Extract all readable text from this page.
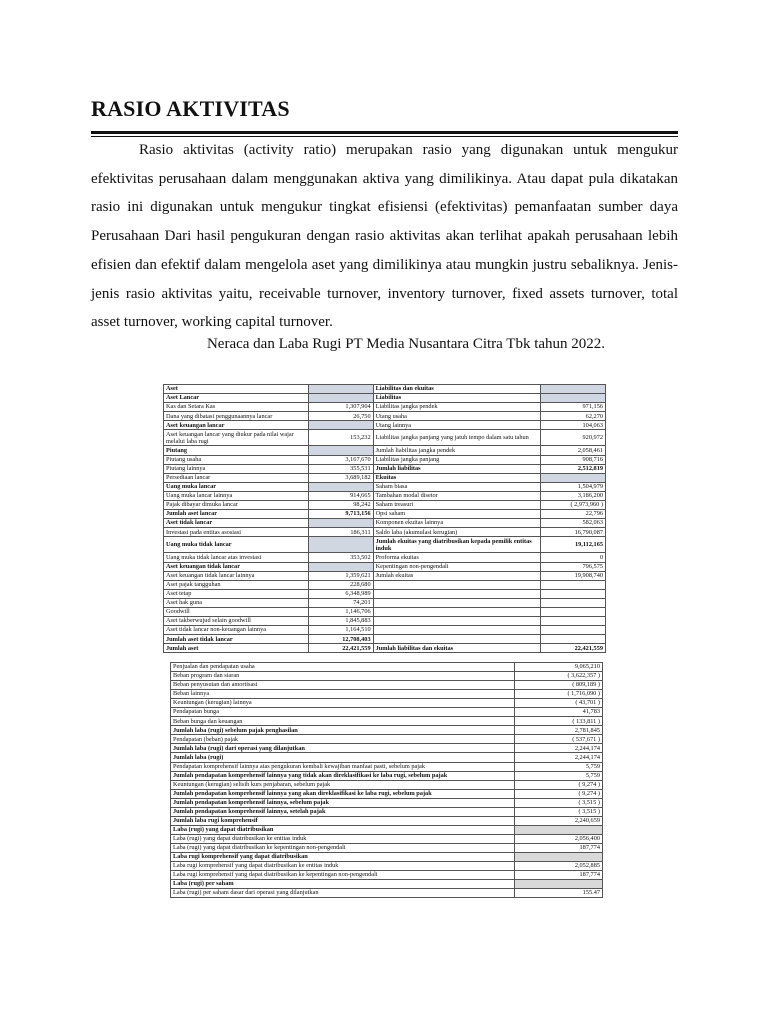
RASIO AKTIVITAS

Rasio aktivitas (activity ratio) merupakan rasio yang digunakan untuk mengukur efektivitas perusahaan dalam menggunakan aktiva yang dimilikinya. Atau dapat pula dikatakan rasio ini digunakan untuk mengukur tingkat efisiensi (efektivitas) pemanfaatan sumber daya Perusahaan Dari hasil pengukuran dengan rasio aktivitas akan terlihat apakah perusahaan lebih efisien dan efektif dalam mengelola aset yang dimilikinya atau mungkin justru sebaliknya. Jenis-jenis rasio aktivitas yaitu, receivable turnover, inventory turnover, fixed assets turnover, total asset turnover, working capital turnover.

Neraca dan Laba Rugi PT Media Nusantara Citra Tbk tahun 2022.

Aset		Liabilitas dan ekuitas	
Aset Lancar		Liabilitas	
Kas dan Setara Kas	1,307,904	Liabilitas jangka pendek	971,156
Dana yang dibatasi penggunaannya lancar	26,750	Utang usaha	62,270
Aset keuangan lancar		Utang lainnya	104,063
Aset keuangan lancar yang diukur pada nilai wajar melalui laba rugi	153,232	Liabilitas jangka panjang yang jatuh tempo dalam satu tahun	920,972
Piutang		Jumlah liabilitas jangka pendek	2,058,461
Piutang usaha	3,167,670	Liabilitas jangka panjang	908,716
Piutang lainnya	355,531	Jumlah liabilitas	2,512,819
Persediaan lancar	3,689,182	Ekuitas	
Uang muka lancar		Saham biasa	1,504,979
Uang muka lancar lainnya	914,665	Tambahan modal disetor	3,186,200
Pajak dibayar dimuka lancar	98,242	Saham treasuri	( 2,973,960 )
Jumlah aset lancar	9,713,156	Opsi saham	22,796
Aset tidak lancar		Komponen ekuitas lainnya	582,063
Investasi pada entitas asosiasi	186,311	Saldo laba (akumulasi kerugian)	16,790,087
Uang muka tidak lancar		Jumlah ekuitas yang diatribusikan kepada pemilik entitas induk	19,112,165
Uang muka tidak lancar atas investasi	353,502	Proforma ekuitas	0
Aset keuangan tidak lancar		Kepentingan non-pengendali	796,575
Aset keuangan tidak lancar lainnya	1,359,621	Jumlah ekuitas	19,908,740
Aset pajak tangguhan	228,680		
Aset tetap	6,348,989		
Aset hak guna	74,201		
Goodwill	1,146,706		
Aset takberwujud selain goodwill	1,845,883		
Aset tidak lancar non-keuangan lainnya	1,164,510		
Jumlah aset tidak lancar	12,708,403		
Jumlah aset	22,421,559	Jumlah liabilitas dan ekuitas	22,421,559
Penjualan dan pendapatan usaha	9,065,210
Beban program dan siaran	( 3,622,357 )
Beban penyusutan dan amortisasi	( 809,189 )
Beban lainnya	( 1,716,090 )
Keuntungan (kerugian) lainnya	( 43,701 )
Pendapatan bunga	41,783
Beban bunga dan keuangan	( 133,811 )
Jumlah laba (rugi) sebelum pajak penghasilan	2,781,845
Pendapatan (beban) pajak	( 537,671 )
Jumlah laba (rugi) dari operasi yang dilanjutkan	2,244,174
Jumlah laba (rugi)	2,244,174
Pendapatan komprehensif lainnya atas pengukuran kembali kewajiban manfaat pasti, sebelum pajak	5,759
Jumlah pendapatan komprehensif lainnya yang tidak akan direklasifikasi ke laba rugi, sebelum pajak	5,759
Keuntungan (kerugian) selisih kurs penjabaran, sebelum pajak	( 9,274 )
Jumlah pendapatan komprehensif lainnya yang akan direklasifikasi ke laba rugi, sebelum pajak	( 9,274 )
Jumlah pendapatan komprehensif lainnya, sebelum pajak	( 3,515 )
Jumlah pendapatan komprehensif lainnya, setelah pajak	( 3,515 )
Jumlah laba rugi komprehensif	2,240,659
Laba (rugi) yang dapat diatribusikan	
Laba (rugi) yang dapat diatribusikan ke entitas induk	2,056,400
Laba (rugi) yang dapat diatribusikan ke kepentingan non-pengendali	187,774
Laba rugi komprehensif yang dapat diatribusikan	
Laba rugi komprehensif yang dapat diatribusikan ke entitas induk	2,052,885
Laba rugi komprehensif yang dapat diatribusikan ke kepentingan non-pengendali	187,774
Laba (rugi) per saham	
Laba (rugi) per saham dasar dari operasi yang dilanjutkan	155.47
